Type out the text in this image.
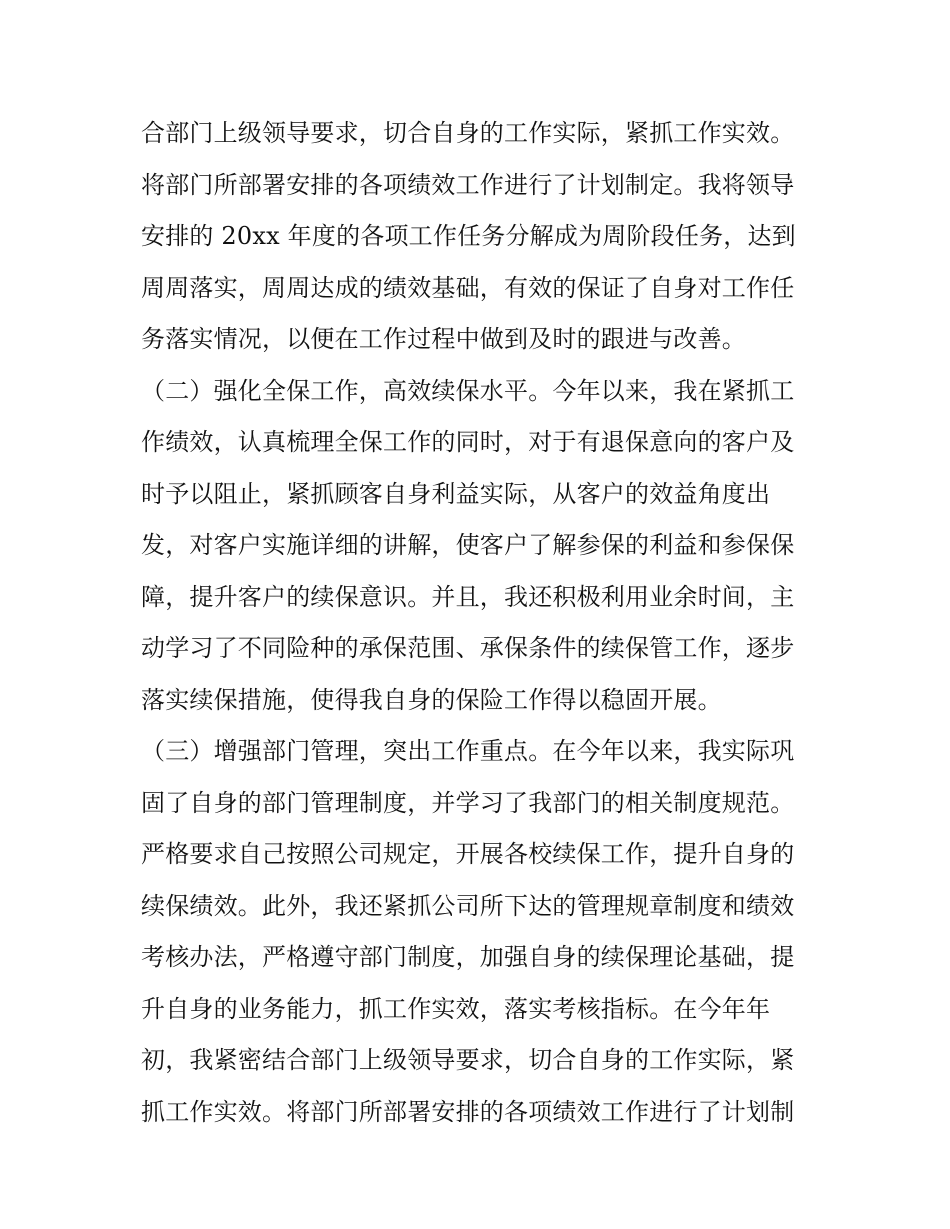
合部门上级领导要求，切合自身的工作实际，紧抓工作实效。
将部门所部署安排的各项绩效工作进行了计划制定。我将领导
安排的 20xx 年度的各项工作任务分解成为周阶段任务，达到
周周落实，周周达成的绩效基础，有效的保证了自身对工作任
务落实情况，以便在工作过程中做到及时的跟进与改善。
（二）强化全保工作，高效续保水平。今年以来，我在紧抓工
作绩效，认真梳理全保工作的同时，对于有退保意向的客户及
时予以阻止，紧抓顾客自身利益实际，从客户的效益角度出
发，对客户实施详细的讲解，使客户了解参保的利益和参保保
障，提升客户的续保意识。并且，我还积极利用业余时间，主
动学习了不同险种的承保范围、承保条件的续保管工作，逐步
落实续保措施，使得我自身的保险工作得以稳固开展。
（三）增强部门管理，突出工作重点。在今年以来，我实际巩
固了自身的部门管理制度，并学习了我部门的相关制度规范。
严格要求自己按照公司规定，开展各校续保工作，提升自身的
续保绩效。此外，我还紧抓公司所下达的管理规章制度和绩效
考核办法，严格遵守部门制度，加强自身的续保理论基础，提
升自身的业务能力，抓工作实效，落实考核指标。在今年年
初，我紧密结合部门上级领导要求，切合自身的工作实际，紧
抓工作实效。将部门所部署安排的各项绩效工作进行了计划制
